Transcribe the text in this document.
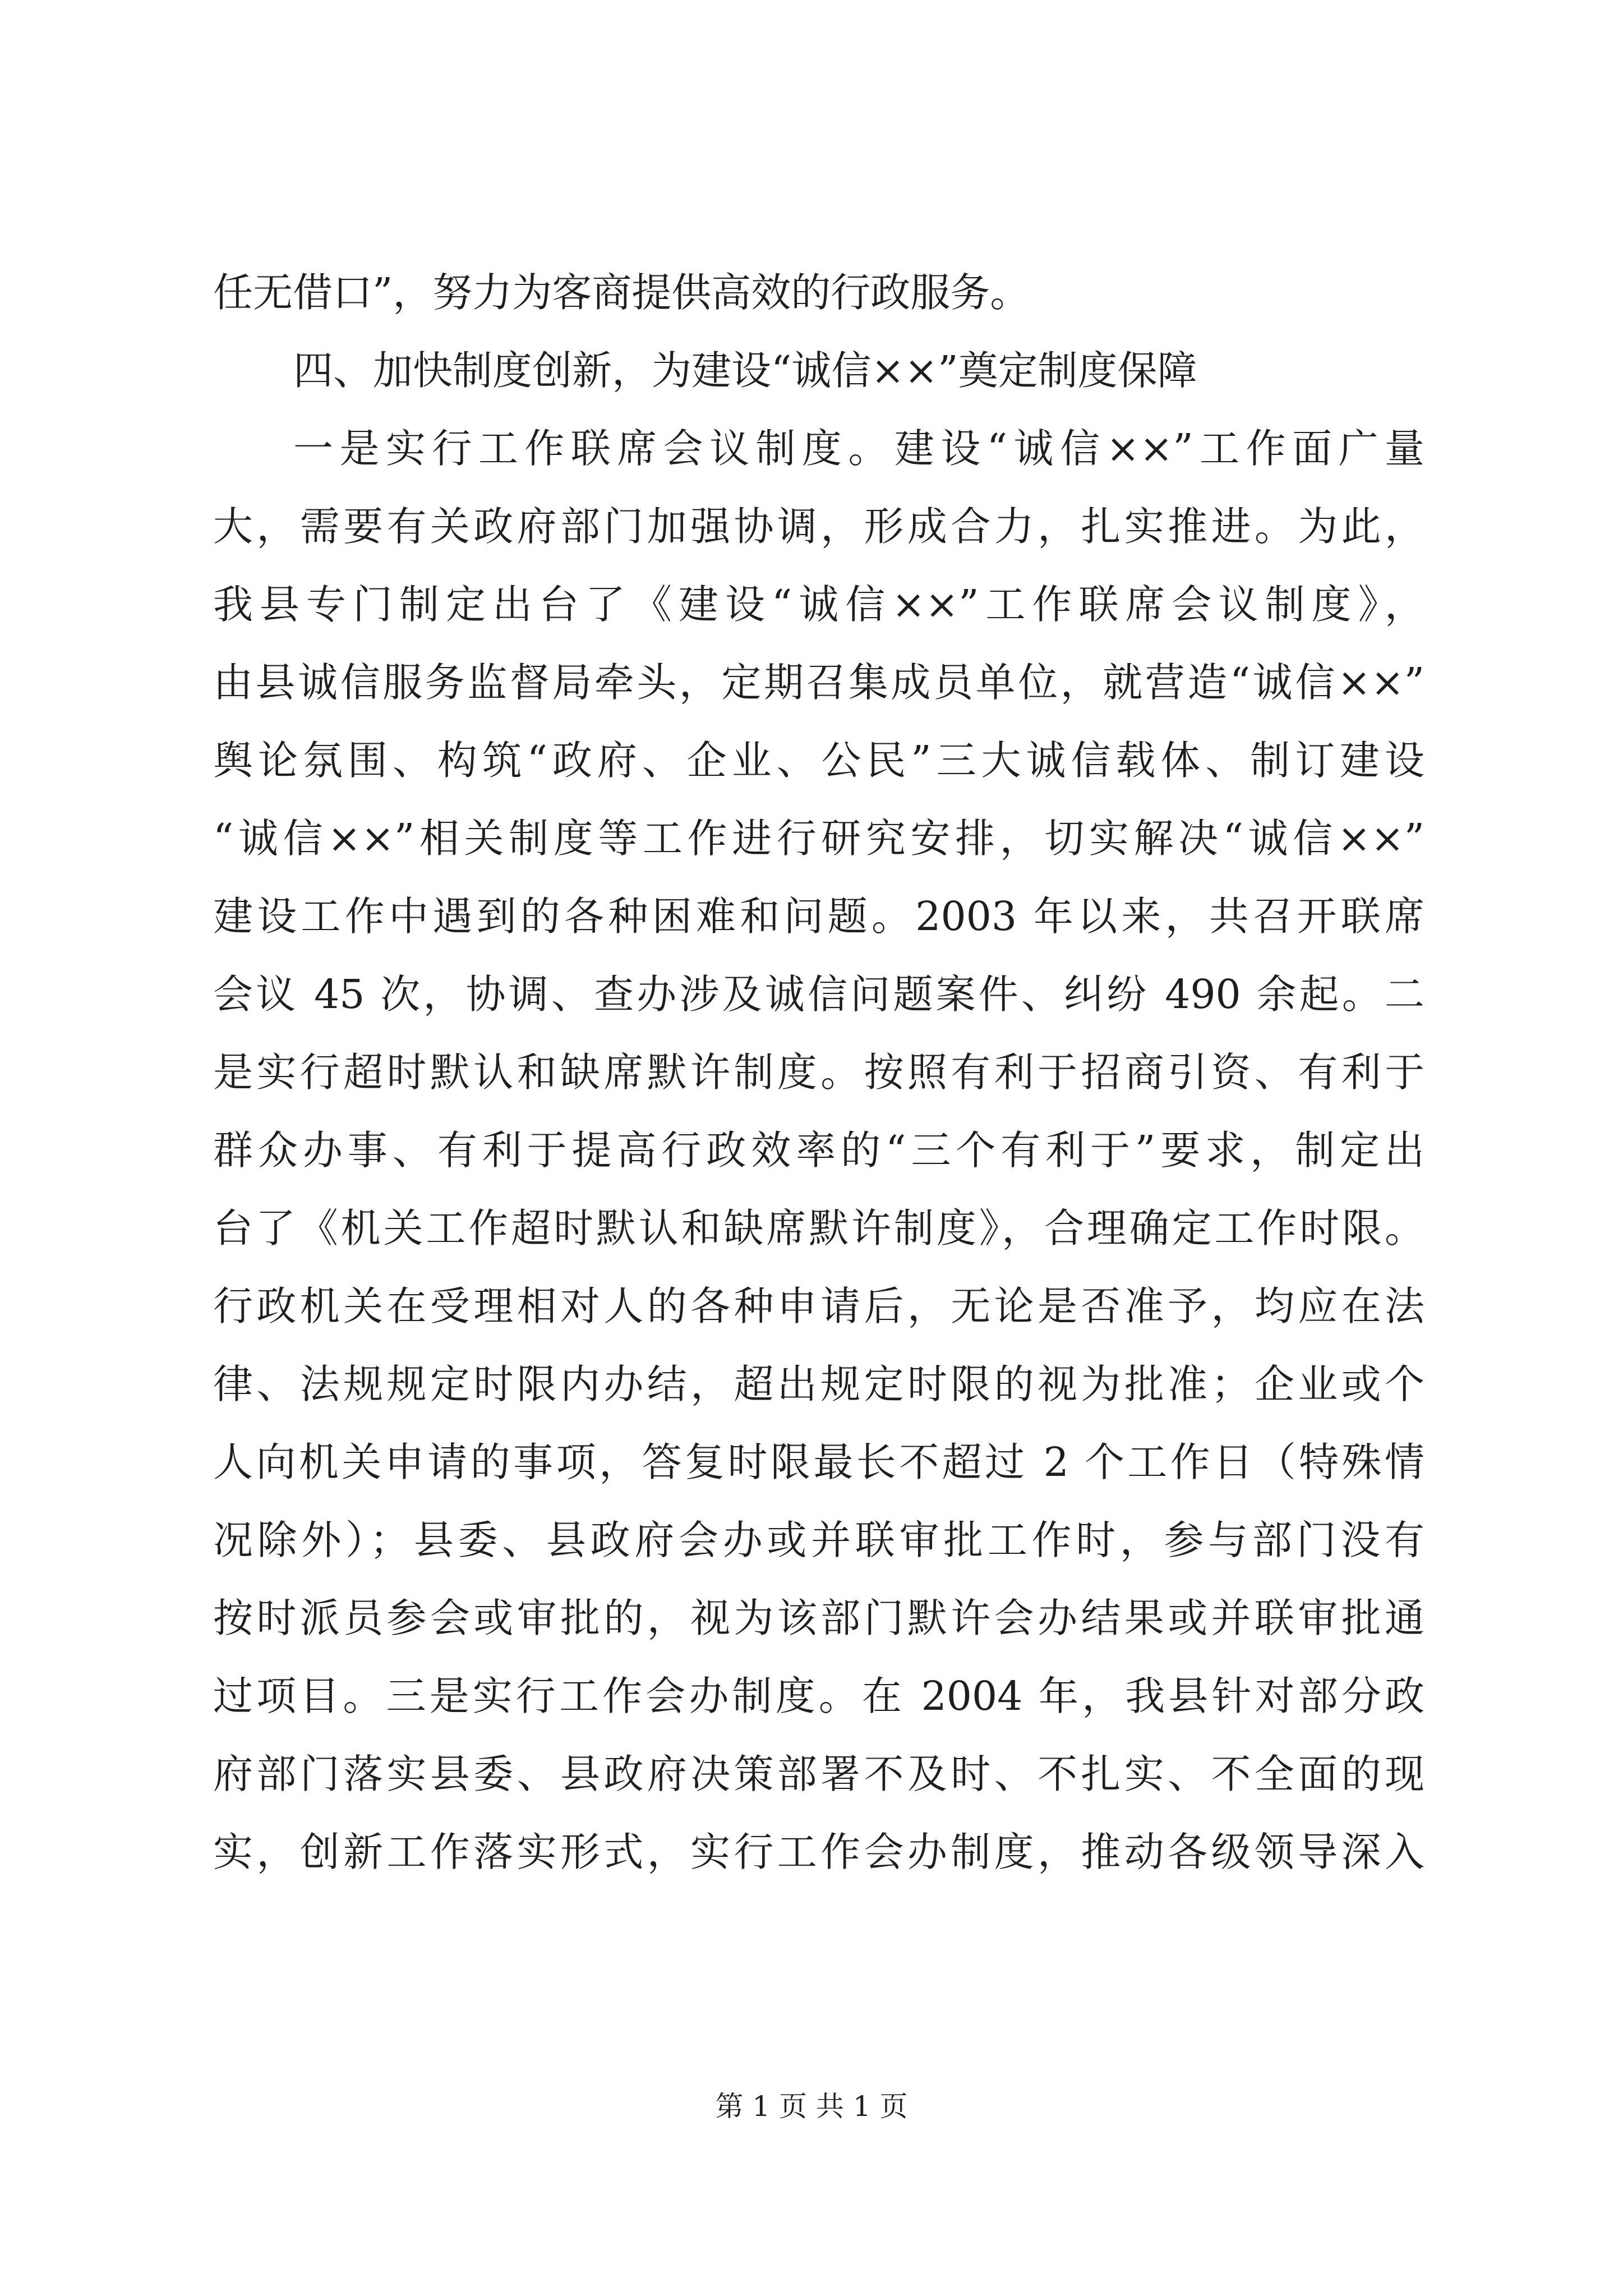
任无借口”，努力为客商提供高效的行政服务。
四、加快制度创新，为建设“诚信××”奠定制度保障
一是实行工作联席会议制度。建设“诚信××”工作面广量
大，需要有关政府部门加强协调，形成合力，扎实推进。为此，
我县专门制定出台了《建设“诚信××”工作联席会议制度》，
由县诚信服务监督局牵头，定期召集成员单位，就营造“诚信××”
舆论氛围、构筑“政府、企业、公民”三大诚信载体、制订建设
“诚信××”相关制度等工作进行研究安排，切实解决“诚信××”
建设工作中遇到的各种困难和问题。2003 年以来，共召开联席
会议 45 次，协调、查办涉及诚信问题案件、纠纷 490 余起。二
是实行超时默认和缺席默许制度。按照有利于招商引资、有利于
群众办事、有利于提高行政效率的“三个有利于”要求，制定出
台了《机关工作超时默认和缺席默许制度》，合理确定工作时限。
行政机关在受理相对人的各种申请后，无论是否准予，均应在法
律、法规规定时限内办结，超出规定时限的视为批准；企业或个
人向机关申请的事项，答复时限最长不超过 2 个工作日（特殊情
况除外）；县委、县政府会办或并联审批工作时，参与部门没有
按时派员参会或审批的，视为该部门默许会办结果或并联审批通
过项目。三是实行工作会办制度。在 2004 年，我县针对部分政
府部门落实县委、县政府决策部署不及时、不扎实、不全面的现
实，创新工作落实形式，实行工作会办制度，推动各级领导深入
第 1 页 共 1 页
